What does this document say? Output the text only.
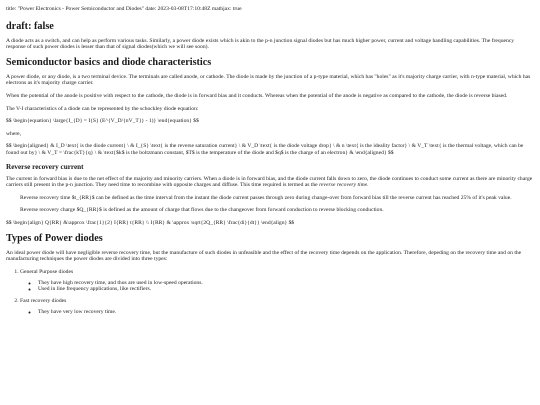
title: "Power Electronics - Power Semiconductor and Diodes" date: 2023-03-08T17:10:48Z mathjax: true

draft: false

A diode acts as a switch, and can help as perform various tasks. Similarly, a power diode exists which is akin to the p-n junction signal diodes but has much higher power, current and voltage handling capabilities. The frequency response of such power diodes is lesser than that of signal diodes(which we will see soon).

Semiconductor basics and diode characteristics

A power diode, or any diode, is a two terminal device. The terminals are called anode, or cathode. The diode is made by the junction of a p-type material, which has "holes" as it's majority charge carrier, with n-type material, which has electrons as it's majority charge carrier.

When the potential of the anode is positive with respect to the cathode, the diode is in forward bias and it conducts. Whereas when the potential of the anode is negative as compared to the cathode, the diode is reverse biased.

The V-I characteristics of a diode can be represented by the schockley diode equation:

$$ \begin{equation} \large{I_{D} = I{S} (E^{V_D/{nV_T}} - 1)} \end{equation} $$

where,

$$ \begin{aligned} & I_D \text{ is the diode current} \ & I_{S} \text{ is the reverse saturation current} \ & V_D \text{ is the diode voltage drop} \ & n \text{ is the ideality factor} \ & V_T \text{ is the thermal voltage, which can be found out by} \ & V_T = \frac{kT}{q} \ & \text{$k$ is the boltzmann constant, $T$ is the temperature of the diode and $q$ is the charge of an electron} & \end{aligned} $$

Reverse recovery current

The current in forward bias is due to the net effect of the majority and minority carriers. When a diode is in forward bias, and the diode current falls down to zero, the diode continues to conduct some current as there are minority charge carriers still present in the p-n junction. They need time to recombine with opposite charges and diffuse. This time required is termed as the reverse recovery time.

Reverse recovery time $t_{RR}$ can be defined as the time interval from the instant the diode current passes through zero during change-over from forward bias till the reverse current has reached 25% of it's peak value.

Reverse recovery charge $Q_{RR}$ is defined as the amount of charge that flows due to the changeover from forward conduction to reverse blocking conduction.

$$ \begin{align} Q{RR} &\approx \frac{1}{2} I{RR} t{RR} \\ I{RR} & \approx \sqrt{2Q_{RR} \frac{di}{dt}} \end{align} $$

Types of Power diodes

An ideal power diode will have negligible reverse recovery time, but the manufacture of such diodes in unfeasible and the effect of the recovery time depends on the application. Therefore, depeding on the recovery time and on the manufacturing techniques the power diodes are divided into three types:

1. General Purpose diodes
◦ They have high recovery time, and thus are used in low-speed operations.
◦ Used in line frequency applications, like rectifiers.
2. Fast recovery diodes
◦ They have very low recovery time.
